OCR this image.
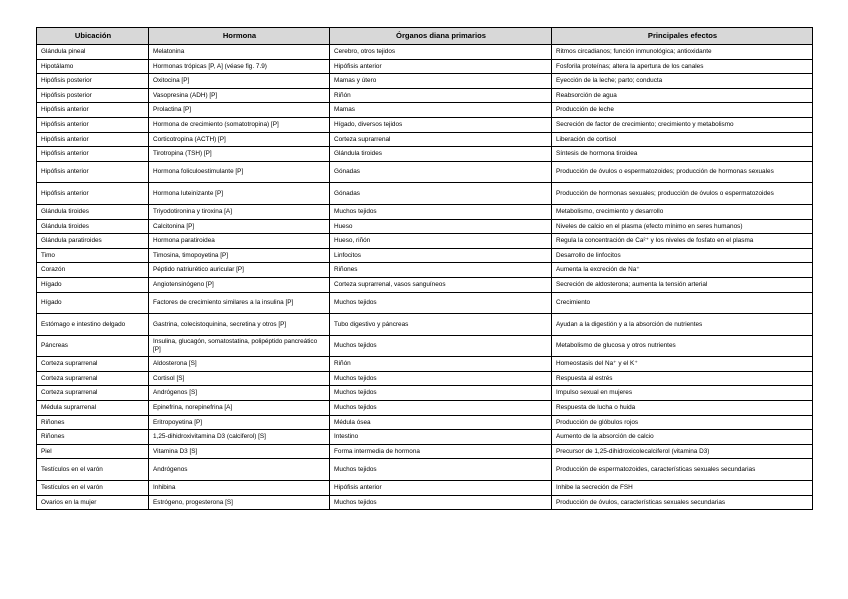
Ubicación	Hormona	Órganos diana primarios	Principales efectos
Glándula pineal	Melatonina	Cerebro, otros tejidos	Ritmos circadianos; función inmunológica; antioxidante
Hipotálamo	Hormonas trópicas [P, A] (véase fig. 7.9)	Hipófisis anterior	Fosforila proteínas; altera la apertura de los canales
Hipófisis posterior	Oxitocina [P]	Mamas y útero	Eyección de la leche; parto; conducta
Hipófisis posterior	Vasopresina (ADH) [P]	Riñón	Reabsorción de agua
Hipófisis anterior	Prolactina [P]	Mamas	Producción de leche
Hipófisis anterior	Hormona de crecimiento (somatotropina) [P]	Hígado, diversos tejidos	Secreción de factor de crecimiento; crecimiento y metabolismo
Hipófisis anterior	Corticotropina (ACTH) [P]	Corteza suprarrenal	Liberación de cortisol
Hipófisis anterior	Tirotropina (TSH) [P]	Glándula tiroides	Síntesis de hormona tiroidea
Hipófisis anterior	Hormona foliculoestimulante [P]	Gónadas	Producción de óvulos o espermatozoides; producción de hormonas sexuales
Hipófisis anterior	Hormona luteinizante [P]	Gónadas	Producción de hormonas sexuales; producción de óvulos o espermatozoides
Glándula tiroides	Triyodotironina y tiroxina [A]	Muchos tejidos	Metabolismo, crecimiento y desarrollo
Glándula tiroides	Calcitonina [P]	Hueso	Niveles de calcio en el plasma (efecto mínimo en seres humanos)
Glándula paratiroides	Hormona paratiroidea	Hueso, riñón	Regula la concentración de Ca²⁺ y los niveles de fosfato en el plasma
Timo	Timosina, timopoyetina [P]	Linfocitos	Desarrollo de linfocitos
Corazón	Péptido natriurético auricular [P]	Riñones	Aumenta la excreción de Na⁺
Hígado	Angiotensinógeno [P]	Corteza suprarrenal, vasos sanguíneos	Secreción de aldosterona; aumenta la tensión arterial
Hígado	Factores de crecimiento similares a la insulina [P]	Muchos tejidos	Crecimiento
Estómago e intestino delgado	Gastrina, colecistoquinina, secretina y otros [P]	Tubo digestivo y páncreas	Ayudan a la digestión y a la absorción de nutrientes
Páncreas	Insulina, glucagón, somatostatina, polipéptido pancreático [P]	Muchos tejidos	Metabolismo de glucosa y otros nutrientes
Corteza suprarrenal	Aldosterona [S]	Riñón	Homeostasis del Na⁺ y el K⁺
Corteza suprarrenal	Cortisol [S]	Muchos tejidos	Respuesta al estrés
Corteza suprarrenal	Andrógenos [S]	Muchos tejidos	Impulso sexual en mujeres
Médula suprarrenal	Epinefrina, norepinefrina [A]	Muchos tejidos	Respuesta de lucha o huida
Riñones	Eritropoyetina [P]	Médula ósea	Producción de glóbulos rojos
Riñones	1,25-dihidroxivitamina D3 (calciferol) [S]	Intestino	Aumento de la absorción de calcio
Piel	Vitamina D3 [S]	Forma intermedia de hormona	Precursor de 1,25-dihidroxicolecalciferol (vitamina D3)
Testículos en el varón	Andrógenos	Muchos tejidos	Producción de espermatozoides, características sexuales secundarias
Testículos en el varón	Inhibina	Hipófisis anterior	Inhibe la secreción de FSH
Ovarios en la mujer	Estrógeno, progesterona [S]	Muchos tejidos	Producción de óvulos, características sexuales secundarias
